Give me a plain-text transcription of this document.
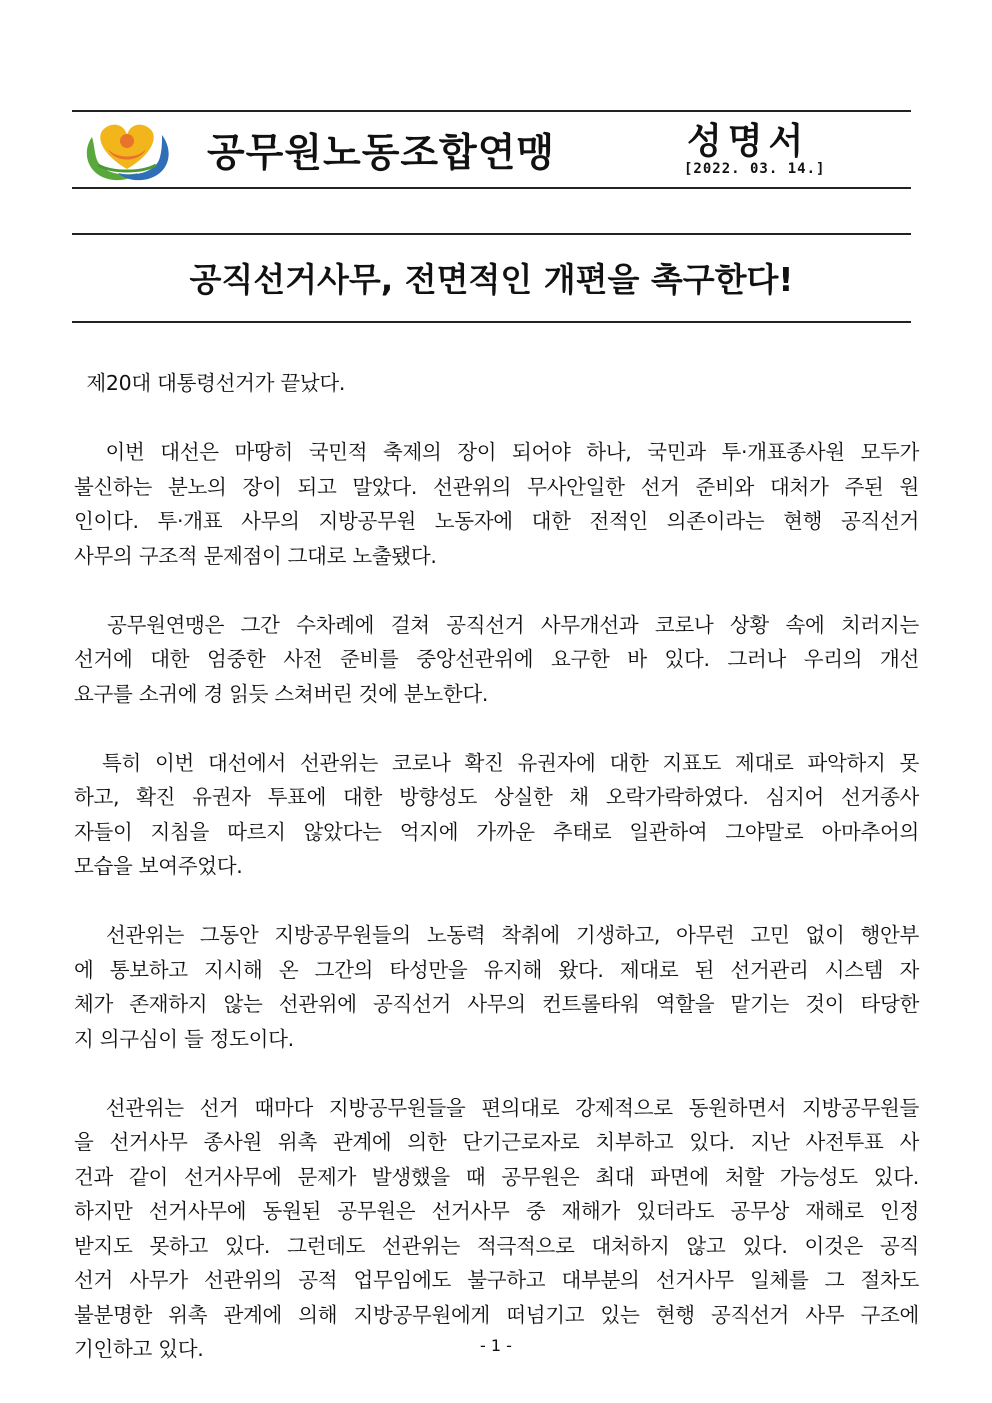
공무원노동조합연맹	성명서
[2022. 03. 14.]
공직선거사무, 전면적인 개편을 촉구한다!
제20대 대통령선거가 끝났다.
이번 대선은 마땅히 국민적 축제의 장이 되어야 하나, 국민과 투·개표종사원 모두가
불신하는 분노의 장이 되고 말았다. 선관위의 무사안일한 선거 준비와 대처가 주된 원
인이다. 투·개표 사무의 지방공무원 노동자에 대한 전적인 의존이라는 현행 공직선거
사무의 구조적 문제점이 그대로 노출됐다.
공무원연맹은 그간 수차례에 걸쳐 공직선거 사무개선과 코로나 상황 속에 치러지는
선거에 대한 엄중한 사전 준비를 중앙선관위에 요구한 바 있다. 그러나 우리의 개선
요구를 소귀에 경 읽듯 스쳐버린 것에 분노한다.
특히 이번 대선에서 선관위는 코로나 확진 유권자에 대한 지표도 제대로 파악하지 못
하고, 확진 유권자 투표에 대한 방향성도 상실한 채 오락가락하였다. 심지어 선거종사
자들이 지침을 따르지 않았다는 억지에 가까운 추태로 일관하여 그야말로 아마추어의
모습을 보여주었다.
선관위는 그동안 지방공무원들의 노동력 착취에 기생하고, 아무런 고민 없이 행안부
에 통보하고 지시해 온 그간의 타성만을 유지해 왔다. 제대로 된 선거관리 시스템 자
체가 존재하지 않는 선관위에 공직선거 사무의 컨트롤타워 역할을 맡기는 것이 타당한
지 의구심이 들 정도이다.
선관위는 선거 때마다 지방공무원들을 편의대로 강제적으로 동원하면서 지방공무원들
을 선거사무 종사원 위촉 관계에 의한 단기근로자로 치부하고 있다. 지난 사전투표 사
건과 같이 선거사무에 문제가 발생했을 때 공무원은 최대 파면에 처할 가능성도 있다.
하지만 선거사무에 동원된 공무원은 선거사무 중 재해가 있더라도 공무상 재해로 인정
받지도 못하고 있다. 그런데도 선관위는 적극적으로 대처하지 않고 있다. 이것은 공직
선거 사무가 선관위의 공적 업무임에도 불구하고 대부분의 선거사무 일체를 그 절차도
불분명한 위촉 관계에 의해 지방공무원에게 떠넘기고 있는 현행 공직선거 사무 구조에
기인하고 있다.	- 1 -
